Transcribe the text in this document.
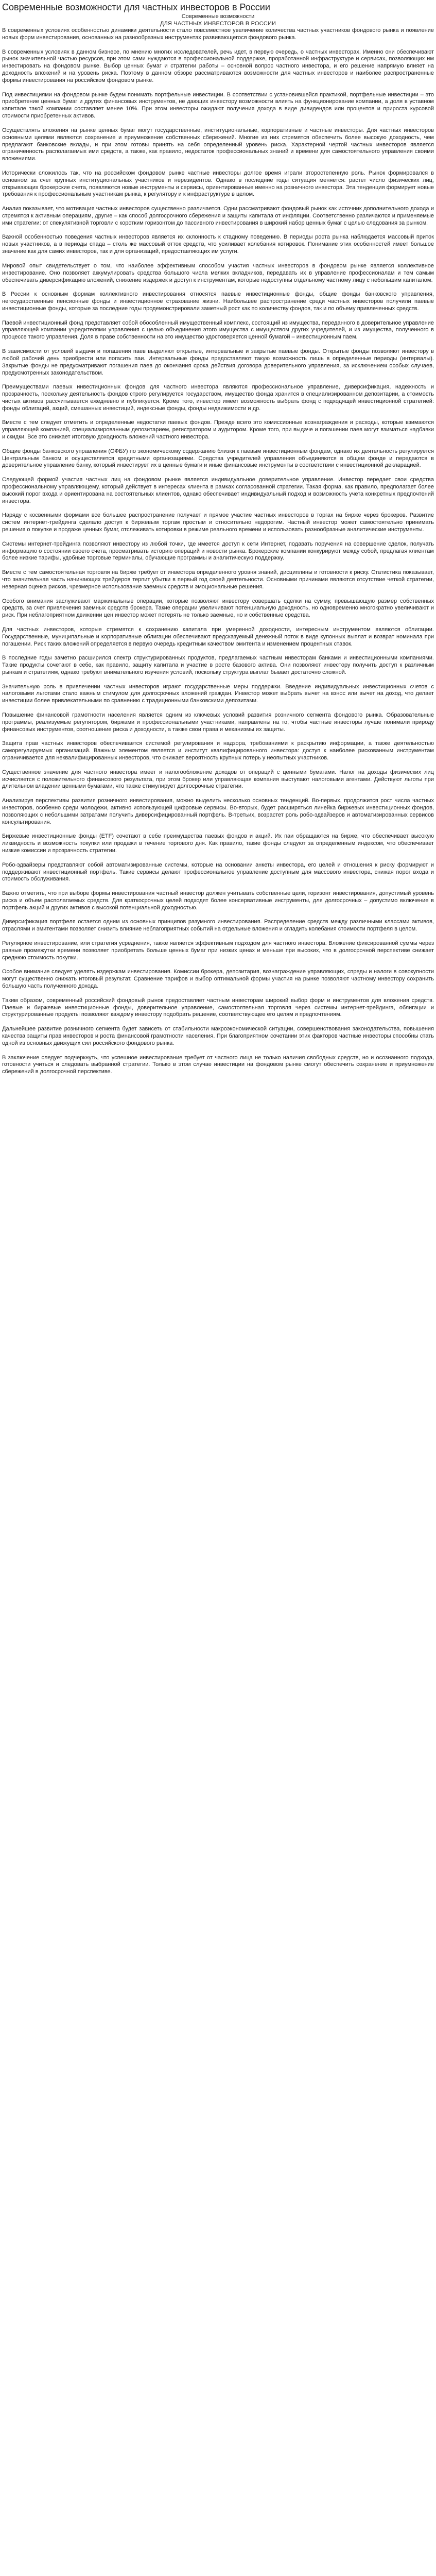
Современные возможности для частных инвесторов в России

Современные возможности

ДЛЯ ЧАСТНЫХ ИНВЕСТОРОВ В РОССИИ

В современных условиях особенностью динамики деятельности стало повсеместное увеличение количества частных участников фондового рынка и появление новых форм инвестирования, основанных на разнообразных инструментах развивающегося фондового рынка.

В современных условиях в данном бизнесе, по мнению многих исследователей, речь идет, в первую очередь, о частных инвесторах. Именно они обеспечивают рынок значительной частью ресурсов, при этом сами нуждаются в профессиональной поддержке, проработанной инфраструктуре и сервисах, позволяющих им инвестировать на фондовом рынке. Выбор ценных бумаг и стратегии работы – основной вопрос частного инвестора, и его решение напрямую влияет на доходность вложений и на уровень риска. Поэтому в данном обзоре рассматриваются возможности для частных инвесторов и наиболее распространенные формы инвестирования на российском фондовом рынке.

Под инвестициями на фондовом рынке будем понимать портфельные инвестиции. В соответствии с установившейся практикой, портфельные инвестиции – это приобретение ценных бумаг и других финансовых инструментов, не дающих инвестору возможности влиять на функционирование компании, а доля в уставном капитале такой компании составляет менее 10%. При этом инвесторы ожидают получения дохода в виде дивидендов или процентов и прироста курсовой стоимости приобретенных активов.

Осуществлять вложения на рынке ценных бумаг могут государственные, институциональные, корпоративные и частные инвесторы. Для частных инвесторов основными целями являются сохранение и приумножение собственных сбережений. Многие из них стремятся обеспечить более высокую доходность, чем предлагают банковские вклады, и при этом готовы принять на себя определенный уровень риска. Характерной чертой частных инвесторов является ограниченность располагаемых ими средств, а также, как правило, недостаток профессиональных знаний и времени для самостоятельного управления своими вложениями.

Исторически сложилось так, что на российском фондовом рынке частные инвесторы долгое время играли второстепенную роль. Рынок формировался в основном за счет крупных институциональных участников и нерезидентов. Однако в последние годы ситуация меняется: растет число физических лиц, открывающих брокерские счета, появляются новые инструменты и сервисы, ориентированные именно на розничного инвестора. Эта тенденция формирует новые требования к профессиональным участникам рынка, к регулятору и к инфраструктуре в целом.

Анализ показывает, что мотивация частных инвесторов существенно различается. Одни рассматривают фондовый рынок как источник дополнительного дохода и стремятся к активным операциям, другие – как способ долгосрочного сбережения и защиты капитала от инфляции. Соответственно различаются и применяемые ими стратегии: от спекулятивной торговли с коротким горизонтом до пассивного инвестирования в широкий набор ценных бумаг с целью следования за рынком.

Важной особенностью поведения частных инвесторов является их склонность к стадному поведению. В периоды роста рынка наблюдается массовый приток новых участников, а в периоды спада – столь же массовый отток средств, что усиливает колебания котировок. Понимание этих особенностей имеет большое значение как для самих инвесторов, так и для организаций, предоставляющих им услуги.

Мировой опыт свидетельствует о том, что наиболее эффективным способом участия частных инвесторов в фондовом рынке является коллективное инвестирование. Оно позволяет аккумулировать средства большого числа мелких вкладчиков, передавать их в управление профессионалам и тем самым обеспечивать диверсификацию вложений, снижение издержек и доступ к инструментам, которые недоступны отдельному частному лицу с небольшим капиталом.

В России к основным формам коллективного инвестирования относятся паевые инвестиционные фонды, общие фонды банковского управления, негосударственные пенсионные фонды и инвестиционное страхование жизни. Наибольшее распространение среди частных инвесторов получили паевые инвестиционные фонды, которые за последние годы продемонстрировали заметный рост как по количеству фондов, так и по объему привлеченных средств.

Паевой инвестиционный фонд представляет собой обособленный имущественный комплекс, состоящий из имущества, переданного в доверительное управление управляющей компании учредителями управления с целью объединения этого имущества с имуществом других учредителей, и из имущества, полученного в процессе такого управления. Доля в праве собственности на это имущество удостоверяется ценной бумагой – инвестиционным паем.

В зависимости от условий выдачи и погашения паев выделяют открытые, интервальные и закрытые паевые фонды. Открытые фонды позволяют инвестору в любой рабочий день приобрести или погасить паи. Интервальные фонды предоставляют такую возможность лишь в определенные периоды (интервалы). Закрытые фонды не предусматривают погашения паев до окончания срока действия договора доверительного управления, за исключением особых случаев, предусмотренных законодательством.

Преимуществами паевых инвестиционных фондов для частного инвестора являются профессиональное управление, диверсификация, надежность и прозрачность, поскольку деятельность фондов строго регулируется государством, имущество фонда хранится в специализированном депозитарии, а стоимость чистых активов рассчитывается ежедневно и публикуется. Кроме того, инвестор имеет возможность выбрать фонд с подходящей инвестиционной стратегией: фонды облигаций, акций, смешанных инвестиций, индексные фонды, фонды недвижимости и др.

Вместе с тем следует отметить и определенные недостатки паевых фондов. Прежде всего это комиссионные вознаграждения и расходы, которые взимаются управляющей компанией, специализированным депозитарием, регистратором и аудитором. Кроме того, при выдаче и погашении паев могут взиматься надбавки и скидки. Все это снижает итоговую доходность вложений частного инвестора.

Общие фонды банковского управления (ОФБУ) по экономическому содержанию близки к паевым инвестиционным фондам, однако их деятельность регулируется Центральным банком и осуществляется кредитными организациями. Средства учредителей управления объединяются в общем фонде и передаются в доверительное управление банку, который инвестирует их в ценные бумаги и иные финансовые инструменты в соответствии с инвестиционной декларацией.

Следующей формой участия частных лиц на фондовом рынке является индивидуальное доверительное управление. Инвестор передает свои средства профессиональному управляющему, который действует в интересах клиента в рамках согласованной стратегии. Такая форма, как правило, предполагает более высокий порог входа и ориентирована на состоятельных клиентов, однако обеспечивает индивидуальный подход и возможность учета конкретных предпочтений инвестора.

Наряду с косвенными формами все большее распространение получает и прямое участие частных инвесторов в торгах на бирже через брокеров. Развитие систем интернет-трейдинга сделало доступ к биржевым торгам простым и относительно недорогим. Частный инвестор может самостоятельно принимать решения о покупке и продаже ценных бумаг, отслеживать котировки в режиме реального времени и использовать разнообразные аналитические инструменты.

Системы интернет-трейдинга позволяют инвестору из любой точки, где имеется доступ к сети Интернет, подавать поручения на совершение сделок, получать информацию о состоянии своего счета, просматривать историю операций и новости рынка. Брокерские компании конкурируют между собой, предлагая клиентам более низкие тарифы, удобные торговые терминалы, обучающие программы и аналитическую поддержку.

Вместе с тем самостоятельная торговля на бирже требует от инвестора определенного уровня знаний, дисциплины и готовности к риску. Статистика показывает, что значительная часть начинающих трейдеров терпит убытки в первый год своей деятельности. Основными причинами являются отсутствие четкой стратегии, неверная оценка рисков, чрезмерное использование заемных средств и эмоциональные решения.

Особого внимания заслуживают маржинальные операции, которые позволяют инвестору совершать сделки на сумму, превышающую размер собственных средств, за счет привлечения заемных средств брокера. Такие операции увеличивают потенциальную доходность, но одновременно многократно увеличивают и риск. При неблагоприятном движении цен инвестор может потерять не только заемные, но и собственные средства.

Для частных инвесторов, которые стремятся к сохранению капитала при умеренной доходности, интересным инструментом являются облигации. Государственные, муниципальные и корпоративные облигации обеспечивают предсказуемый денежный поток в виде купонных выплат и возврат номинала при погашении. Риск таких вложений определяется в первую очередь кредитным качеством эмитента и изменением процентных ставок.

В последние годы заметно расширился спектр структурированных продуктов, предлагаемых частным инвесторам банками и инвестиционными компаниями. Такие продукты сочетают в себе, как правило, защиту капитала и участие в росте базового актива. Они позволяют инвестору получить доступ к различным рынкам и стратегиям, однако требуют внимательного изучения условий, поскольку структура выплат бывает достаточно сложной.

Значительную роль в привлечении частных инвесторов играют государственные меры поддержки. Введение индивидуальных инвестиционных счетов с налоговыми льготами стало важным стимулом для долгосрочных вложений граждан. Инвестор может выбрать вычет на взнос или вычет на доход, что делает инвестиции более привлекательными по сравнению с традиционными банковскими депозитами.

Повышение финансовой грамотности населения является одним из ключевых условий развития розничного сегмента фондового рынка. Образовательные программы, реализуемые регулятором, биржами и профессиональными участниками, направлены на то, чтобы частные инвесторы лучше понимали природу финансовых инструментов, соотношение риска и доходности, а также свои права и механизмы их защиты.

Защита прав частных инвесторов обеспечивается системой регулирования и надзора, требованиями к раскрытию информации, а также деятельностью саморегулируемых организаций. Важным элементом является и институт квалифицированного инвестора: доступ к наиболее рискованным инструментам ограничивается для неквалифицированных инвесторов, что снижает вероятность крупных потерь у неопытных участников.

Существенное значение для частного инвестора имеет и налогообложение доходов от операций с ценными бумагами. Налог на доходы физических лиц исчисляется с положительного финансового результата, при этом брокер или управляющая компания выступают налоговыми агентами. Действуют льготы при длительном владении ценными бумагами, что также стимулирует долгосрочные стратегии.

Анализируя перспективы развития розничного инвестирования, можно выделить несколько основных тенденций. Во-первых, продолжится рост числа частных инвесторов, особенно среди молодежи, активно использующей цифровые сервисы. Во-вторых, будет расширяться линейка биржевых инвестиционных фондов, позволяющих с небольшими затратами получить диверсифицированный портфель. В-третьих, возрастет роль робо-эдвайзеров и автоматизированных сервисов консультирования.

Биржевые инвестиционные фонды (ETF) сочетают в себе преимущества паевых фондов и акций. Их паи обращаются на бирже, что обеспечивает высокую ликвидность и возможность покупки или продажи в течение торгового дня. Как правило, такие фонды следуют за определенным индексом, что обеспечивает низкие комиссии и прозрачность стратегии.

Робо-эдвайзеры представляют собой автоматизированные системы, которые на основании анкеты инвестора, его целей и отношения к риску формируют и поддерживают инвестиционный портфель. Такие сервисы делают профессиональное управление доступным для массового инвестора, снижая порог входа и стоимость обслуживания.

Важно отметить, что при выборе формы инвестирования частный инвестор должен учитывать собственные цели, горизонт инвестирования, допустимый уровень риска и объем располагаемых средств. Для краткосрочных целей подходят более консервативные инструменты, для долгосрочных – допустимо включение в портфель акций и других активов с высокой потенциальной доходностью.

Диверсификация портфеля остается одним из основных принципов разумного инвестирования. Распределение средств между различными классами активов, отраслями и эмитентами позволяет снизить влияние неблагоприятных событий на отдельные вложения и сгладить колебания стоимости портфеля в целом.

Регулярное инвестирование, или стратегия усреднения, также является эффективным подходом для частного инвестора. Вложение фиксированной суммы через равные промежутки времени позволяет приобретать больше ценных бумаг при низких ценах и меньше при высоких, что в долгосрочной перспективе снижает среднюю стоимость покупки.

Особое внимание следует уделять издержкам инвестирования. Комиссии брокера, депозитария, вознаграждение управляющих, спреды и налоги в совокупности могут существенно снижать итоговый результат. Сравнение тарифов и выбор оптимальной формы участия на рынке позволяют частному инвестору сохранить большую часть полученного дохода.

Таким образом, современный российский фондовый рынок предоставляет частным инвесторам широкий выбор форм и инструментов для вложения средств. Паевые и биржевые инвестиционные фонды, доверительное управление, самостоятельная торговля через системы интернет-трейдинга, облигации и структурированные продукты позволяют каждому инвестору подобрать решение, соответствующее его целям и предпочтениям.

Дальнейшее развитие розничного сегмента будет зависеть от стабильности макроэкономической ситуации, совершенствования законодательства, повышения качества защиты прав инвесторов и роста финансовой грамотности населения. При благоприятном сочетании этих факторов частные инвесторы способны стать одной из основных движущих сил российского фондового рынка.

В заключение следует подчеркнуть, что успешное инвестирование требует от частного лица не только наличия свободных средств, но и осознанного подхода, готовности учиться и следовать выбранной стратегии. Только в этом случае инвестиции на фондовом рынке смогут обеспечить сохранение и приумножение сбережений в долгосрочной перспективе.
